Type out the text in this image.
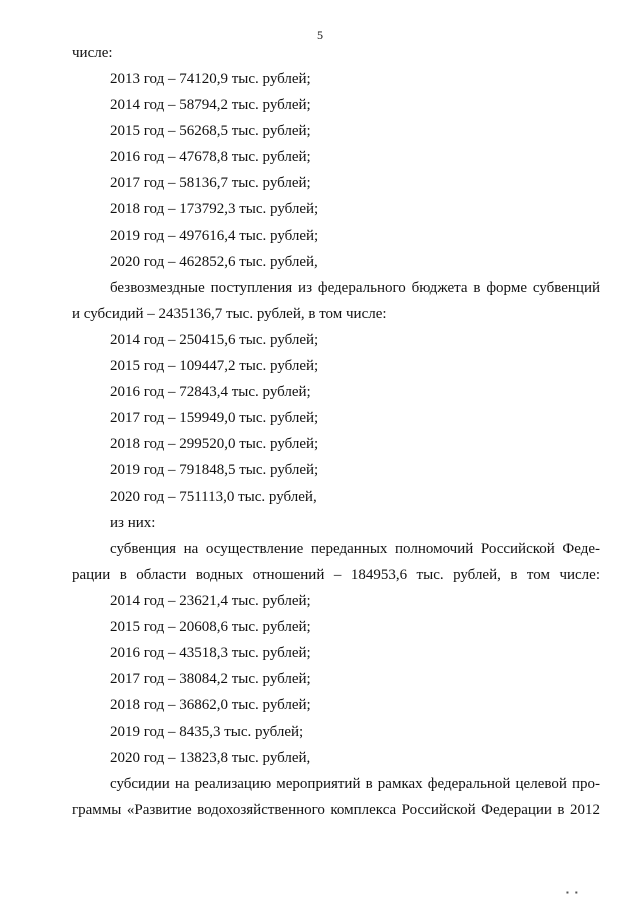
5
числе:
2013 год – 74120,9 тыс. рублей;
2014 год – 58794,2 тыс. рублей;
2015 год – 56268,5 тыс. рублей;
2016 год – 47678,8 тыс. рублей;
2017 год – 58136,7 тыс. рублей;
2018 год – 173792,3 тыс. рублей;
2019 год – 497616,4 тыс. рублей;
2020 год – 462852,6 тыс. рублей,
безвозмездные поступления из федерального бюджета в форме субвенций
и субсидий – 2435136,7 тыс. рублей, в том числе:
2014 год – 250415,6 тыс. рублей;
2015 год – 109447,2 тыс. рублей;
2016 год – 72843,4 тыс. рублей;
2017 год – 159949,0 тыс. рублей;
2018 год – 299520,0 тыс. рублей;
2019 год – 791848,5 тыс. рублей;
2020 год – 751113,0 тыс. рублей,
из них:
субвенция на осуществление переданных полномочий Российской Феде-
рации в области водных отношений – 184953,6 тыс. рублей, в том числе:
2014 год – 23621,4 тыс. рублей;
2015 год – 20608,6 тыс. рублей;
2016 год – 43518,3 тыс. рублей;
2017 год – 38084,2 тыс. рублей;
2018 год – 36862,0 тыс. рублей;
2019 год – 8435,3 тыс. рублей;
2020 год – 13823,8 тыс. рублей,
субсидии на реализацию мероприятий в рамках федеральной целевой про-
граммы «Развитие водохозяйственного комплекса Российской Федерации в 2012
▪   ▪
